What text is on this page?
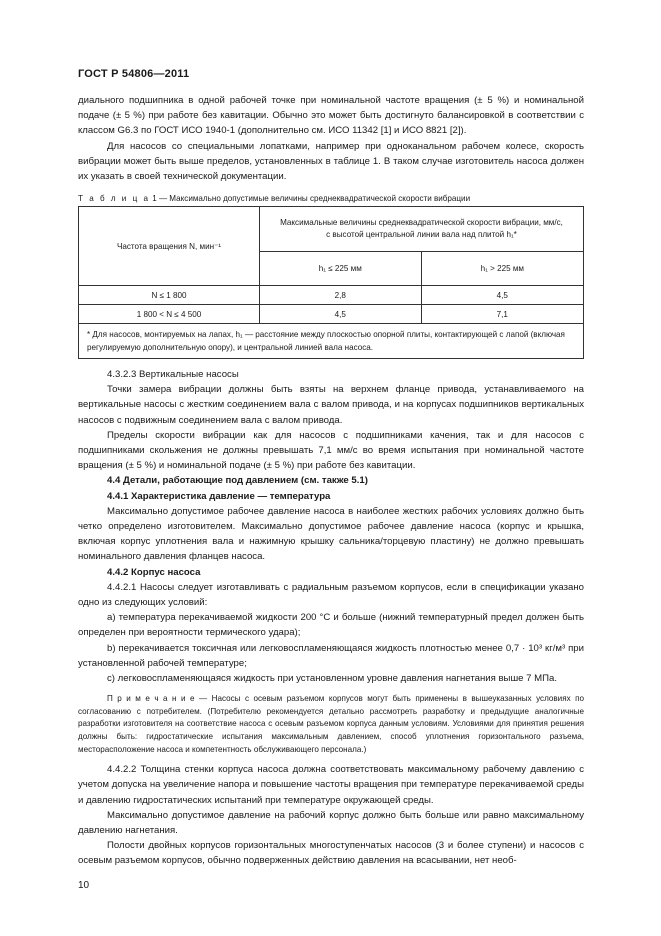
ГОСТ Р 54806—2011

диального подшипника в одной рабочей точке при номинальной частоте вращения (± 5 %) и номинальной подаче (± 5 %) при работе без кавитации. Обычно это может быть достигнуто балансировкой в соответствии с классом G6.3 по ГОСТ ИСО 1940-1 (дополнительно см. ИСО 11342 [1] и ИСО 8821 [2]).

Для насосов со специальными лопатками, например при одноканальном рабочем колесе, скорость вибрации может быть выше пределов, установленных в таблице 1. В таком случае изготовитель насоса должен их указать в своей технической документации.

Т а б л и ц а 1 — Максимально допустимые величины среднеквадратической скорости вибрации
Частота вращения N, мин⁻¹	Максимальные величины среднеквадратической скорости вибрации, мм/с,
с высотой центральной линии вала над плитой h₁*	
	h₁ ≤ 225 мм	h₁ > 225 мм
N ≤ 1 800	2,8	4,5
1 800 < N ≤ 4 500	4,5	7,1
* Для насосов, монтируемых на лапах, h₁ — расстояние между плоскостью опорной плиты, контактирующей с лапой (включая регулируемую дополнительную опору), и центральной линией вала насоса.		

4.3.2.3 Вертикальные насосы

Точки замера вибрации должны быть взяты на верхнем фланце привода, устанавливаемого на вертикальные насосы с жестким соединением вала с валом привода, и на корпусах подшипников вертикальных насосов с подвижным соединением вала с валом привода.

Пределы скорости вибрации как для насосов с подшипниками качения, так и для насосов с подшипниками скольжения не должны превышать 7,1 мм/с во время испытания при номинальной частоте вращения (± 5 %) и номинальной подаче (± 5 %) при работе без кавитации.

4.4 Детали, работающие под давлением (см. также 5.1)

4.4.1 Характеристика давление — температура

Максимально допустимое рабочее давление насоса в наиболее жестких рабочих условиях должно быть четко определено изготовителем. Максимально допустимое рабочее давление насоса (корпус и крышка, включая корпус уплотнения вала и нажимную крышку сальника/торцевую пластину) не должно превышать номинального давления фланцев насоса.

4.4.2 Корпус насоса

4.4.2.1 Насосы следует изготавливать с радиальным разъемом корпусов, если в спецификации указано одно из следующих условий:

a) температура перекачиваемой жидкости 200 °С и больше (нижний температурный предел должен быть определен при вероятности термического удара);

b) перекачивается токсичная или легковоспламеняющаяся жидкость плотностью менее 0,7 · 10³ кг/м³ при установленной рабочей температуре;

c) легковоспламеняющаяся жидкость при установленном уровне давления нагнетания выше 7 МПа.

П р и м е ч а н и е — Насосы с осевым разъемом корпусов могут быть применены в вышеуказанных условиях по согласованию с потребителем. (Потребителю рекомендуется детально рассмотреть разработку и предыдущие аналогичные разработки изготовителя на соответствие насоса с осевым разъемом корпуса данным условиям. Условиями для принятия решения должны быть: гидростатические испытания максимальным давлением, способ уплотнения горизонтального разъема, месторасположение насоса и компетентность обслуживающего персонала.)

4.4.2.2 Толщина стенки корпуса насоса должна соответствовать максимальному рабочему давлению с учетом допуска на увеличение напора и повышение частоты вращения при температуре перекачиваемой среды и давлению гидростатических испытаний при температуре окружающей среды.

Максимально допустимое давление на рабочий корпус должно быть больше или равно максимальному давлению нагнетания.

Полости двойных корпусов горизонтальных многоступенчатых насосов (3 и более ступени) и насосов с осевым разъемом корпусов, обычно подверженных действию давления на всасывании, нет необ-

10
